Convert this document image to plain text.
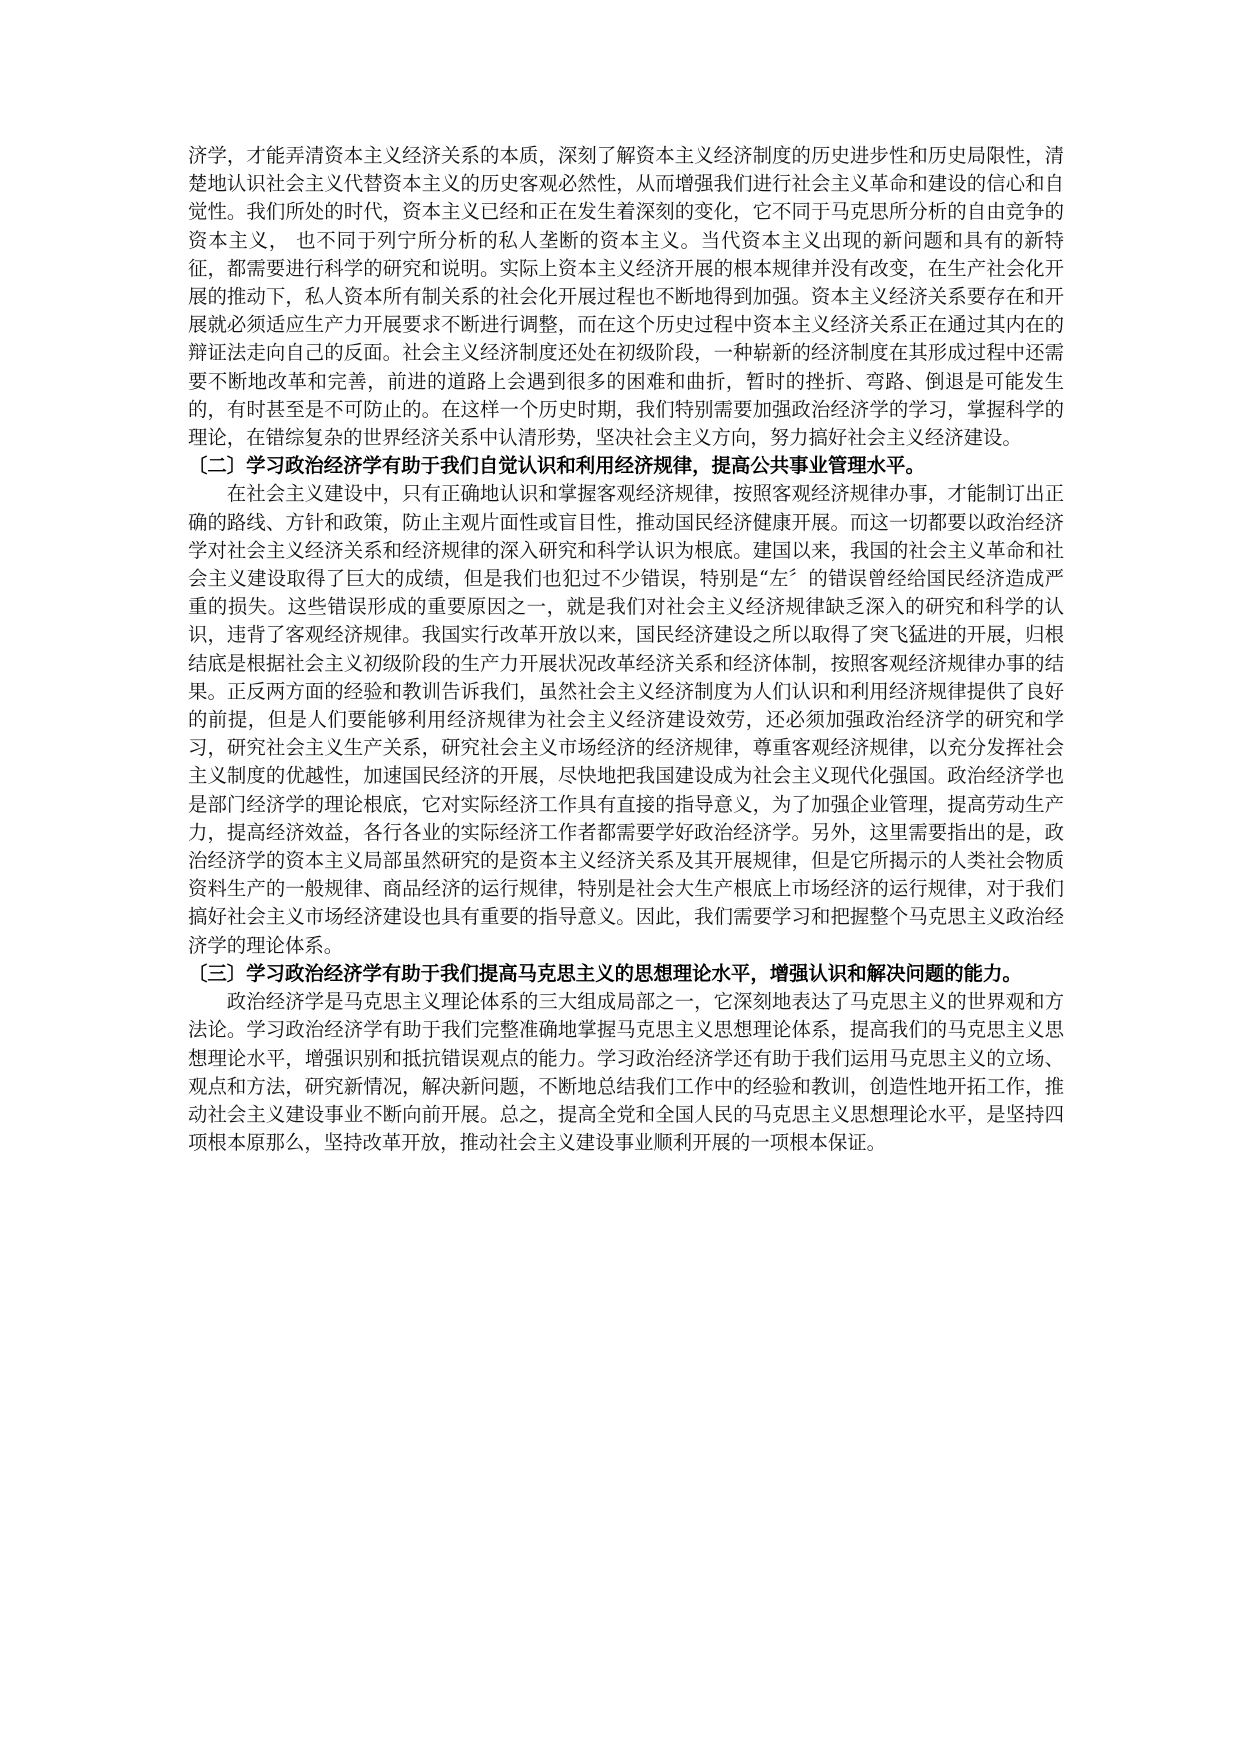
济学，才能弄清资本主义经济关系的本质，深刻了解资本主义经济制度的历史进步性和历史局限性，清楚地认识社会主义代替资本主义的历史客观必然性，从而增强我们进行社会主义革命和建设的信心和自觉性。我们所处的时代，资本主义已经和正在发生着深刻的变化，它不同于马克思所分析的自由竞争的资本主义， 也不同于列宁所分析的私人垄断的资本主义。当代资本主义出现的新问题和具有的新特征，都需要进行科学的研究和说明。实际上资本主义经济开展的根本规律并没有改变，在生产社会化开展的推动下，私人资本所有制关系的社会化开展过程也不断地得到加强。资本主义经济关系要存在和开展就必须适应生产力开展要求不断进行调整，而在这个历史过程中资本主义经济关系正在通过其内在的辩证法走向自己的反面。社会主义经济制度还处在初级阶段，一种崭新的经济制度在其形成过程中还需要不断地改革和完善，前进的道路上会遇到很多的困难和曲折，暂时的挫折、弯路、倒退是可能发生的，有时甚至是不可防止的。在这样一个历史时期，我们特别需要加强政治经济学的学习，掌握科学的理论，在错综复杂的世界经济关系中认清形势，坚决社会主义方向，努力搞好社会主义经济建设。

〔二〕学习政治经济学有助于我们自觉认识和利用经济规律，提高公共事业管理水平。

在社会主义建设中，只有正确地认识和掌握客观经济规律，按照客观经济规律办事，才能制订出正确的路线、方针和政策，防止主观片面性或盲目性，推动国民经济健康开展。而这一切都要以政治经济学对社会主义经济关系和经济规律的深入研究和科学认识为根底。建国以来，我国的社会主义革命和社会主义建设取得了巨大的成绩，但是我们也犯过不少错误，特别是“左〞的错误曾经给国民经济造成严重的损失。这些错误形成的重要原因之一，就是我们对社会主义经济规律缺乏深入的研究和科学的认识，违背了客观经济规律。我国实行改革开放以来，国民经济建设之所以取得了突飞猛进的开展，归根结底是根据社会主义初级阶段的生产力开展状况改革经济关系和经济体制，按照客观经济规律办事的结果。正反两方面的经验和教训告诉我们，虽然社会主义经济制度为人们认识和利用经济规律提供了良好的前提，但是人们要能够利用经济规律为社会主义经济建设效劳，还必须加强政治经济学的研究和学习，研究社会主义生产关系，研究社会主义市场经济的经济规律，尊重客观经济规律，以充分发挥社会主义制度的优越性，加速国民经济的开展，尽快地把我国建设成为社会主义现代化强国。政治经济学也是部门经济学的理论根底，它对实际经济工作具有直接的指导意义，为了加强企业管理，提高劳动生产力，提高经济效益，各行各业的实际经济工作者都需要学好政治经济学。另外，这里需要指出的是，政治经济学的资本主义局部虽然研究的是资本主义经济关系及其开展规律，但是它所揭示的人类社会物质资料生产的一般规律、商品经济的运行规律，特别是社会大生产根底上市场经济的运行规律，对于我们搞好社会主义市场经济建设也具有重要的指导意义。因此，我们需要学习和把握整个马克思主义政治经济学的理论体系。

〔三〕学习政治经济学有助于我们提高马克思主义的思想理论水平，增强认识和解决问题的能力。

政治经济学是马克思主义理论体系的三大组成局部之一，它深刻地表达了马克思主义的世界观和方法论。学习政治经济学有助于我们完整准确地掌握马克思主义思想理论体系，提高我们的马克思主义思想理论水平，增强识别和抵抗错误观点的能力。学习政治经济学还有助于我们运用马克思主义的立场、观点和方法，研究新情况，解决新问题，不断地总结我们工作中的经验和教训，创造性地开拓工作，推动社会主义建设事业不断向前开展。总之，提高全党和全国人民的马克思主义思想理论水平，是坚持四项根本原那么，坚持改革开放，推动社会主义建设事业顺利开展的一项根本保证。
